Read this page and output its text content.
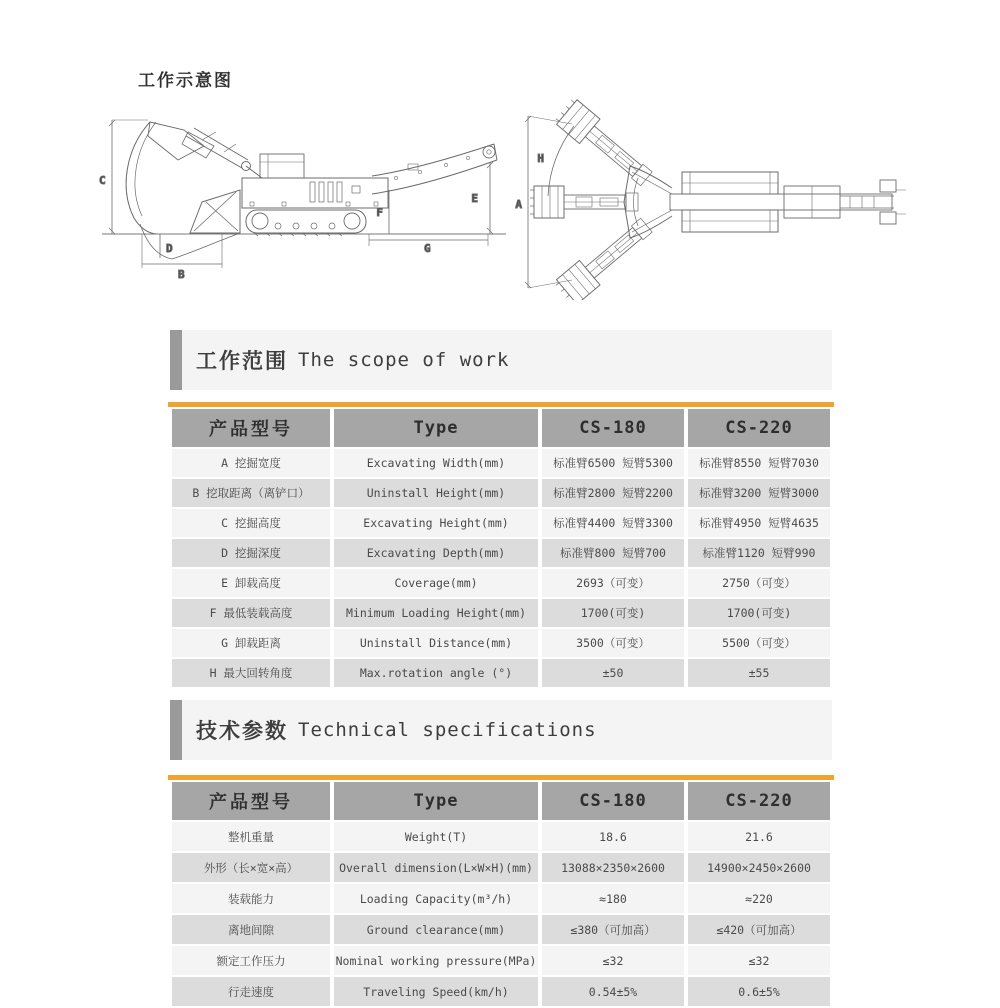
工作示意图
C
D
B
E
F
G
H
A
工作范围 The scope of work
产品型号	Type	CS-180	CS-220
A 挖掘宽度	Excavating Width(mm)	标准臂6500 短臂5300	标准臂8550 短臂7030
B 挖取距离（离铲口）	Uninstall Height(mm)	标准臂2800 短臂2200	标准臂3200 短臂3000
C 挖掘高度	Excavating Height(mm)	标准臂4400 短臂3300	标准臂4950 短臂4635
D 挖掘深度	Excavating Depth(mm)	标准臂800 短臂700	标准臂1120 短臂990
E 卸载高度	Coverage(mm)	2693（可变）	2750（可变）
F 最低装载高度	Minimum Loading Height(mm)	1700(可变)	1700(可变)
G 卸载距离	Uninstall Distance(mm)	3500（可变）	5500（可变）
H 最大回转角度	Max.rotation angle (°)	±50	±55
技术参数 Technical specifications
产品型号	Type	CS-180	CS-220
整机重量	Weight(T)	18.6	21.6
外形（长×宽×高）	Overall dimension(L×W×H)(mm)	13088×2350×2600	14900×2450×2600
装载能力	Loading Capacity(m³/h)	≈180	≈220
离地间隙	Ground clearance(mm)	≤380（可加高）	≤420（可加高）
额定工作压力	Nominal working pressure(MPa)	≤32	≤32
行走速度	Traveling Speed(km/h)	0.54±5%	0.6±5%
